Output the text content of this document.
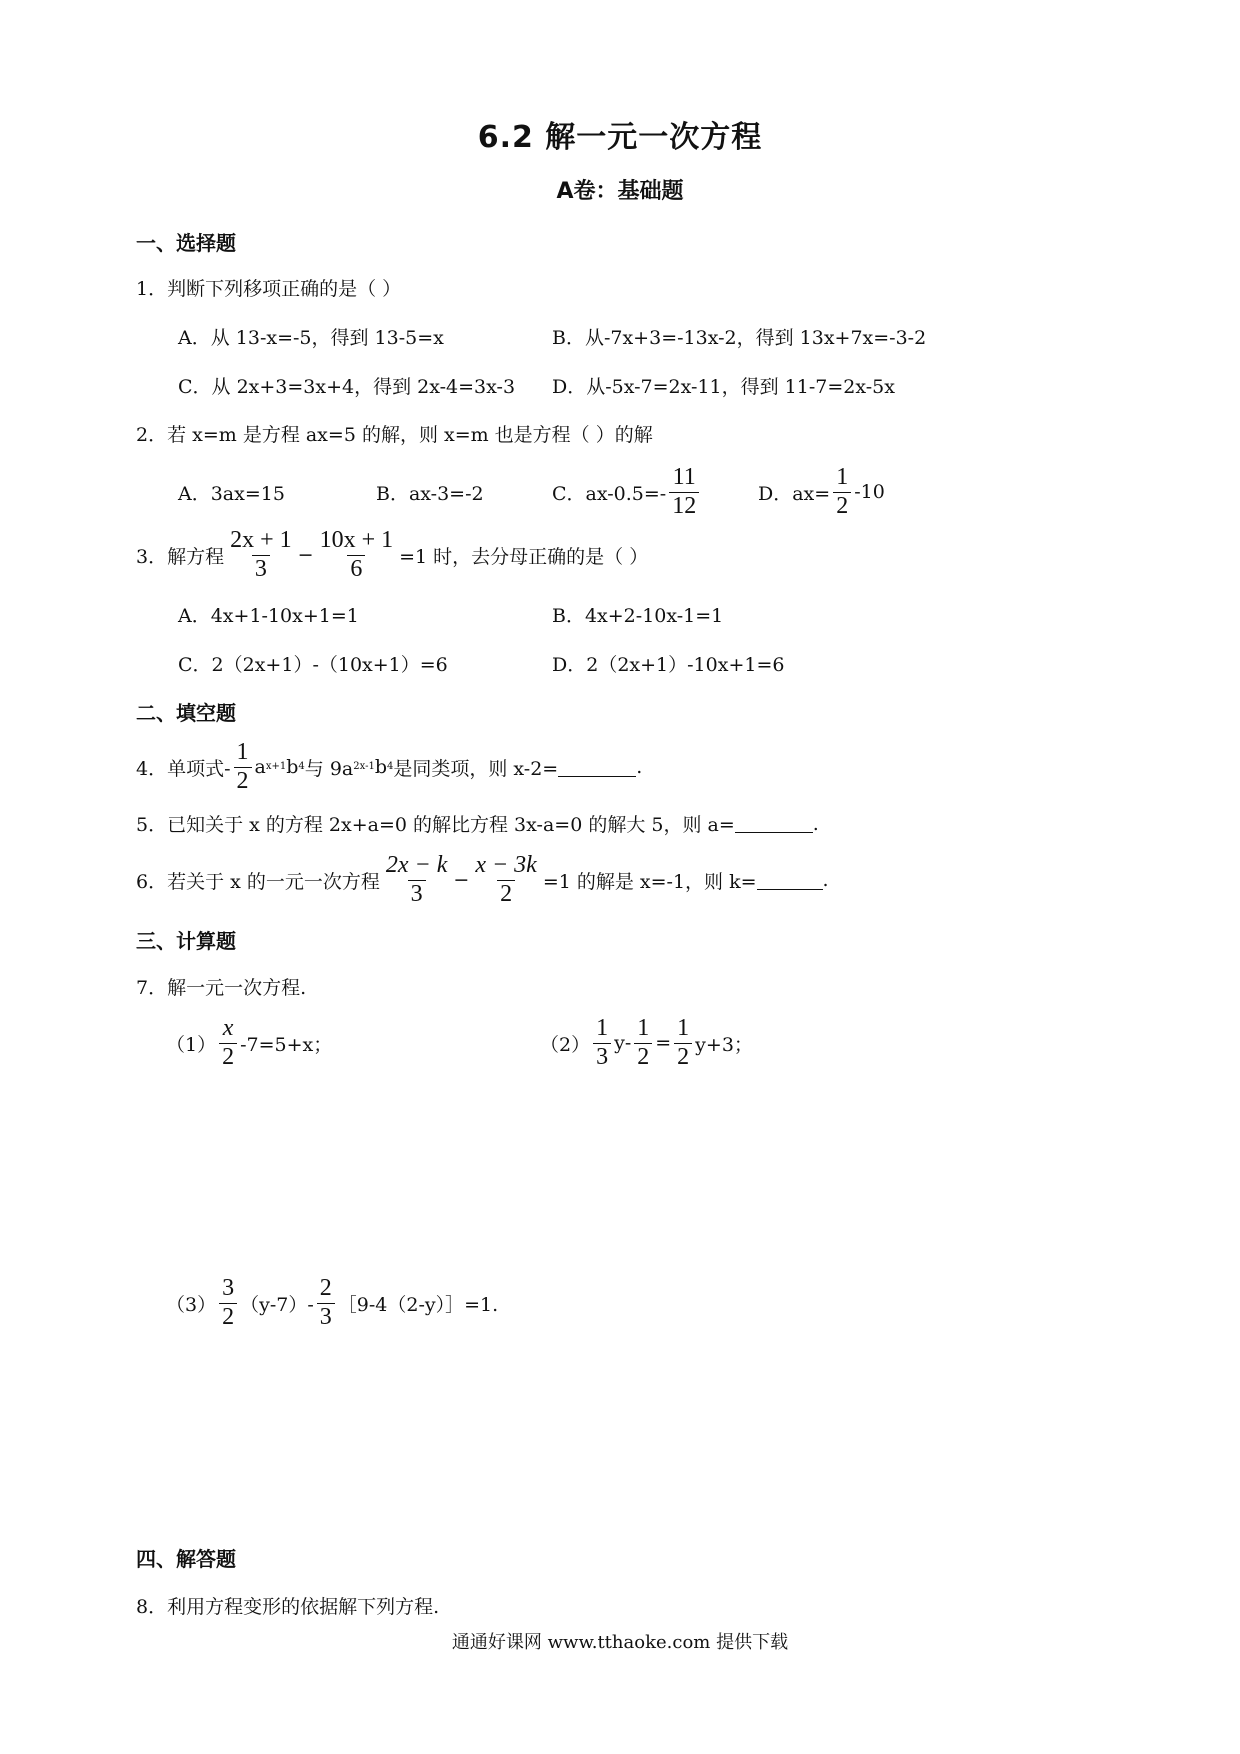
6.2 解一元一次方程
A卷：基础题
一、选择题
1．判断下列移项正确的是（ ）
A．从 13-x=-5，得到 13-5=x	B．从-7x+3=-13x-2，得到 13x+7x=-3-2
C．从 2x+3=3x+4，得到 2x-4=3x-3 D．从-5x-7=2x-11，得到 11-7=2x-5x
2．若 x=m 是方程 ax=5 的解，则 x=m 也是方程（ ）的解
A．3ax=15	B．ax-3=-2	C．$ax-0.5=- \frac{11}{12}$	D．$ax= \frac{1}{2} -10$
3．解方程 $\frac{2x + 1}{3} - \frac{10x + 1}{6} =1$ 时，去分母正确的是（ ）
A．4x+1-10x+1=1	B．4x+2-10x-1=1
C．2（2x+1）-（10x+1）=6	D．2（2x+1）-10x+1=6
二、填空题
4．单项式- $\frac{1}{2}$ a x+1 b 4 与 9a 2x-1 b 4 是同类项，则 x-2=	.
5．已知关于 x 的方程 2x+a=0 的解比方程 3x-a=0 的解大 5，则 a=	.
6．若关于 x 的一元一次方程 $\frac{2x - k}{3} - \frac{x - 3k}{2} =1$ 的解是 x=-1，则 k=	.
三、计算题
7．解一元一次方程.
$(1) \frac{x}{2} -7=5+x$；	$(2) \frac{1}{3} y- \frac{1}{2} = \frac{1}{2} y+3$；
$(3) \frac{3}{2} (y-7)- \frac{2}{3}$ ［9-4（2-y）］=1.
四、解答题
8．利用方程变形的依据解下列方程.
通通好课网 www.tthaoke.com 提供下载
